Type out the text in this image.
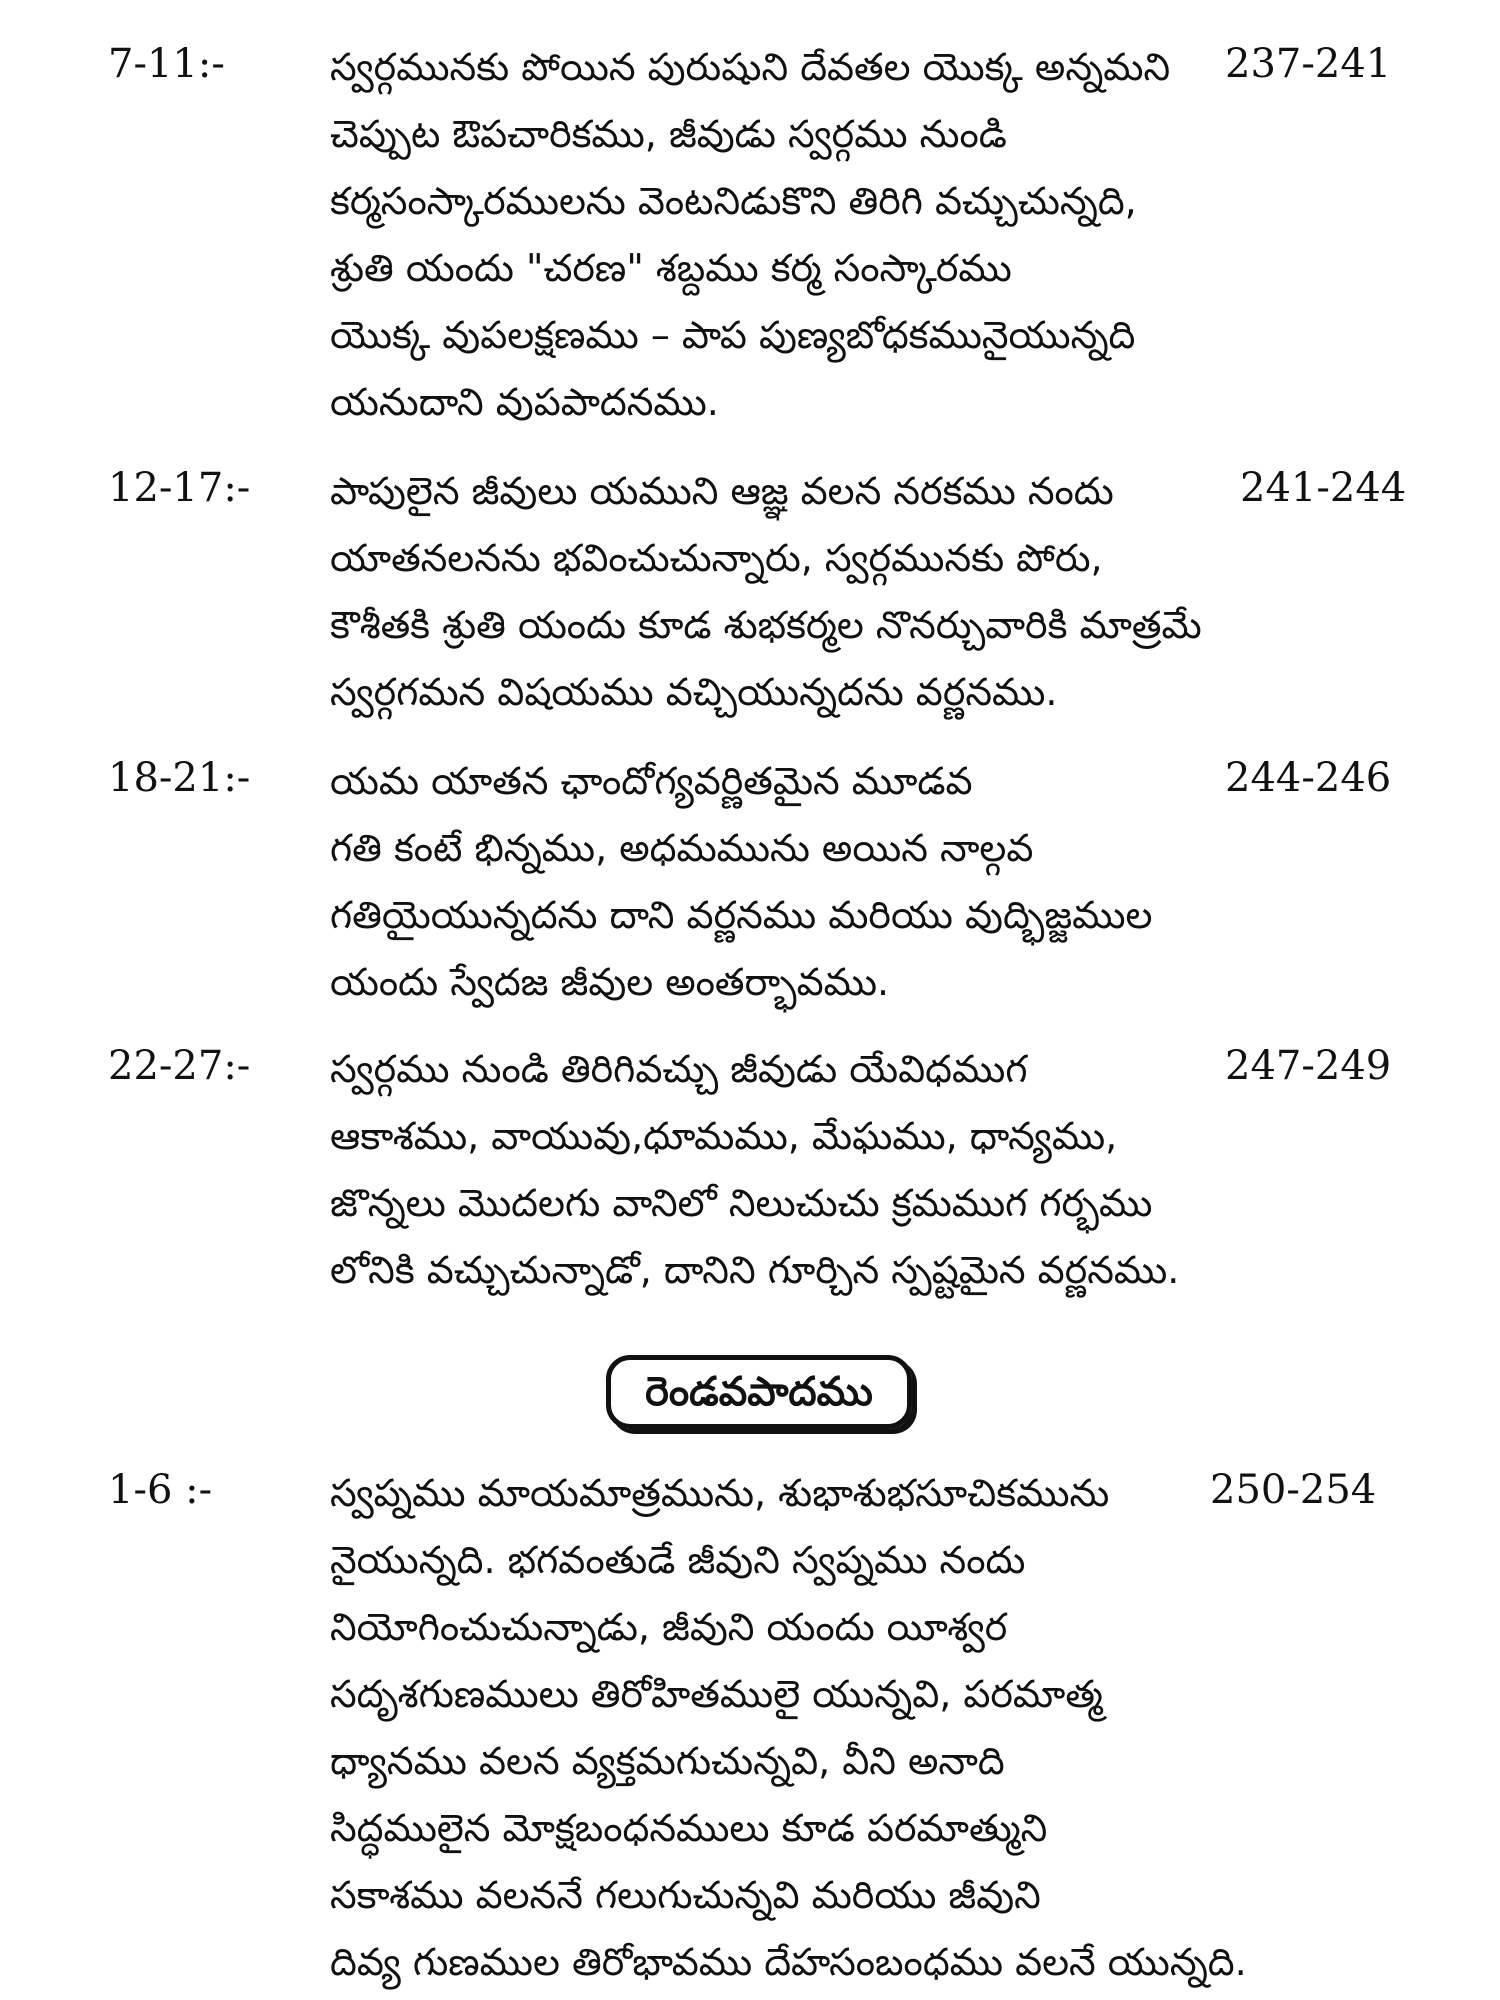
7-11:-	స్వర్గమునకు పోయిన పురుషుని దేవతల యొక్క అన్నమని
చెప్పుట ఔపచారికము, జీవుడు స్వర్గము నుండి
కర్మసంస్కారములను వెంటనిడుకొని తిరిగి వచ్చుచున్నది,
శ్రుతి యందు "చరణ" శబ్దము కర్మ సంస్కారము
యొక్క వుపలక్షణము – పాప పుణ్యబోధకమునైయున్నది
యనుదాని వుపపాదనము.
237-241
12-17:- పాపులైన జీవులు యముని ఆజ్ఞ వలన నరకము నందు
యాతనలనను భవించుచున్నారు, స్వర్గమునకు పోరు,
కౌశీతకి శ్రుతి యందు కూడ శుభకర్మల నొనర్చువారికి మాత్రమే
స్వర్గగమన విషయము వచ్చియున్నదను వర్ణనము.
241-244
18-21:- యమ యాతన ఛాందోగ్యవర్ణితమైన మూడవ
గతి కంటే భిన్నము, అధమమును అయిన నాల్గవ
గతియైయున్నదను దాని వర్ణనము మరియు వుద్భిజ్జముల
యందు స్వేదజ జీవుల అంతర్భావము.
244-246
22-27:- స్వర్గము నుండి తిరిగివచ్చు జీవుడు యేవిధముగ
ఆకాశము, వాయువు,ధూమము, మేఘము, ధాన్యము,
జొన్నలు మొదలగు వానిలో నిలుచుచు క్రమముగ గర్భము
లోనికి వచ్చుచున్నాడో, దానిని గూర్చిన స్పష్టమైన వర్ణనము.
247-249
రెండవపాదము
1-6 :-	స్వప్నము మాయమాత్రమును, శుభాశుభసూచికమును
నైయున్నది. భగవంతుడే జీవుని స్వప్నము నందు
నియోగించుచున్నాడు, జీవుని యందు యీశ్వర
సదృశగుణములు తిరోహితములై యున్నవి, పరమాత్మ
ధ్యానము వలన వ్యక్తమగుచున్నవి, వీని అనాది
సిద్ధములైన మోక్షబంధనములు కూడ పరమాత్ముని
సకాశము వలననే గలుగుచున్నవి మరియు జీవుని
దివ్య గుణముల తిరోభావము దేహసంబంధము వలనే యున్నది.
250-254
